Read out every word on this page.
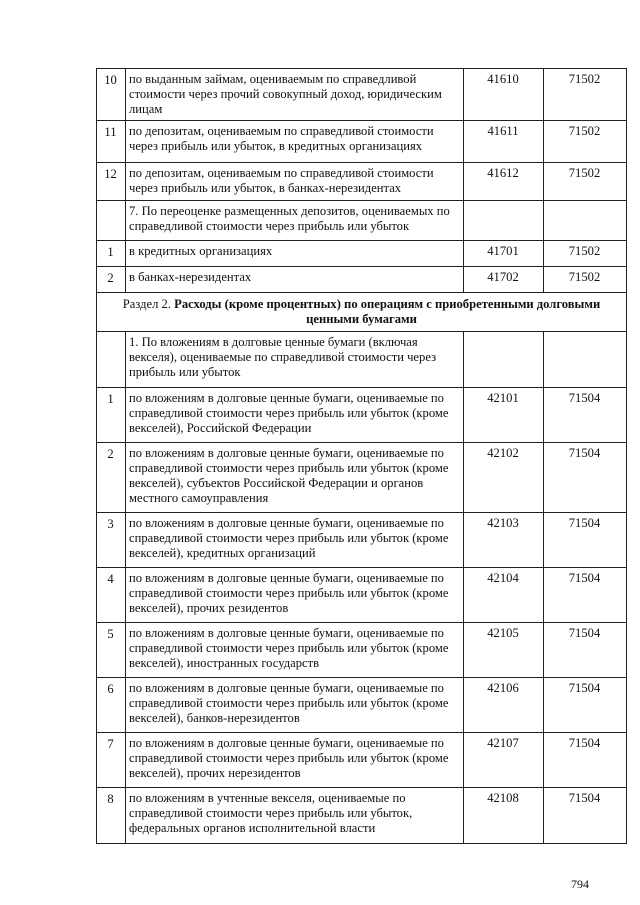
10	по выданным займам, оцениваемым по справедливой стоимости через прочий совокупный доход, юридическим лицам	41610	71502
11	по депозитам, оцениваемым по справедливой стоимости через прибыль или убыток, в кредитных организациях	41611	71502
12	по депозитам, оцениваемым по справедливой стоимости через прибыль или убыток, в банках-нерезидентах	41612	71502
	7. По переоценке размещенных депозитов, оцениваемых по справедливой стоимости через прибыль или убыток		
1	в кредитных организациях	41701	71502
2	в банках-нерезидентах	41702	71502
Раздел 2. Расходы (кроме процентных) по операциям с приобретенными долговыми ценными бумагами			
	1. По вложениям в долговые ценные бумаги (включая векселя), оцениваемые по справедливой стоимости через прибыль или убыток		
1	по вложениям в долговые ценные бумаги, оцениваемые по справедливой стоимости через прибыль или убыток (кроме векселей), Российской Федерации	42101	71504
2	по вложениям в долговые ценные бумаги, оцениваемые по справедливой стоимости через прибыль или убыток (кроме векселей), субъектов Российской Федерации и органов местного самоуправления	42102	71504
3	по вложениям в долговые ценные бумаги, оцениваемые по справедливой стоимости через прибыль или убыток (кроме векселей), кредитных организаций	42103	71504
4	по вложениям в долговые ценные бумаги, оцениваемые по справедливой стоимости через прибыль или убыток (кроме векселей), прочих резидентов	42104	71504
5	по вложениям в долговые ценные бумаги, оцениваемые по справедливой стоимости через прибыль или убыток (кроме векселей), иностранных государств	42105	71504
6	по вложениям в долговые ценные бумаги, оцениваемые по справедливой стоимости через прибыль или убыток (кроме векселей), банков-нерезидентов	42106	71504
7	по вложениям в долговые ценные бумаги, оцениваемые по справедливой стоимости через прибыль или убыток (кроме векселей), прочих нерезидентов	42107	71504
8	по вложениям в учтенные векселя, оцениваемые по справедливой стоимости через прибыль или убыток, федеральных органов исполнительной власти	42108	71504
794
